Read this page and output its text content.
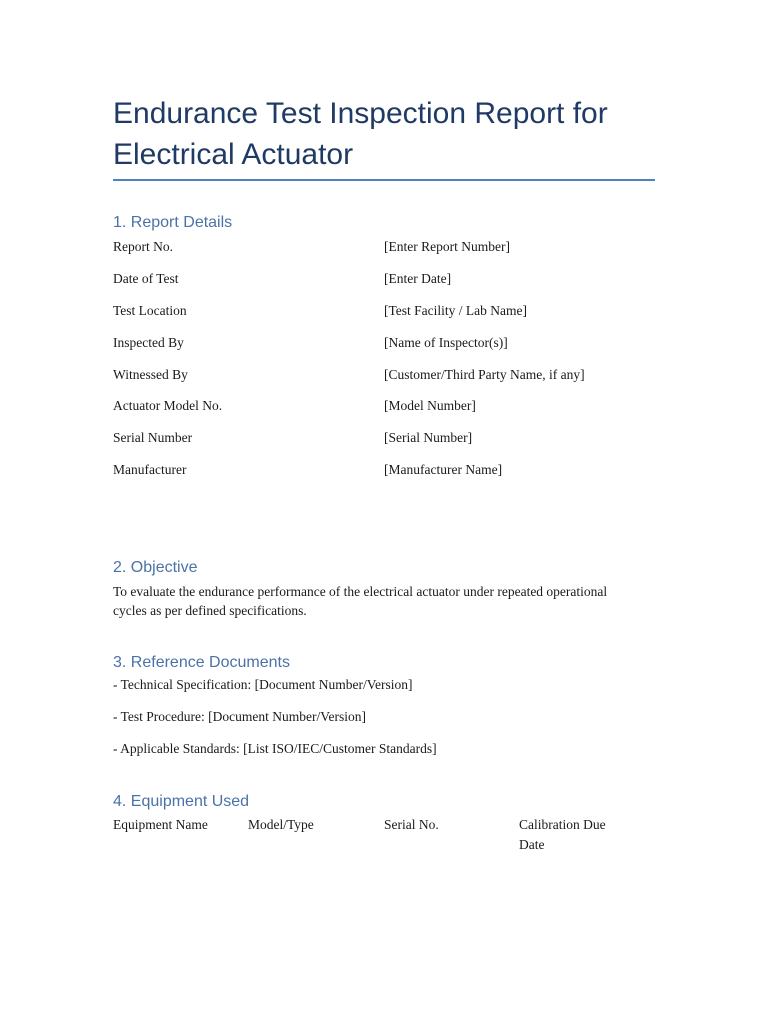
Endurance Test Inspection Report for Electrical Actuator
1. Report Details
Report No.	[Enter Report Number]
Date of Test	[Enter Date]
Test Location	[Test Facility / Lab Name]
Inspected By	[Name of Inspector(s)]
Witnessed By	[Customer/Third Party Name, if any]
Actuator Model No.	[Model Number]
Serial Number	[Serial Number]
Manufacturer	[Manufacturer Name]
2. Objective

To evaluate the endurance performance of the electrical actuator under repeated operational cycles as per defined specifications.

3. Reference Documents
- Technical Specification: [Document Number/Version]
- Test Procedure: [Document Number/Version]
- Applicable Standards: [List ISO/IEC/Customer Standards]
4. Equipment Used
Equipment Name	Model/Type	Serial No.	Calibration Due Date
